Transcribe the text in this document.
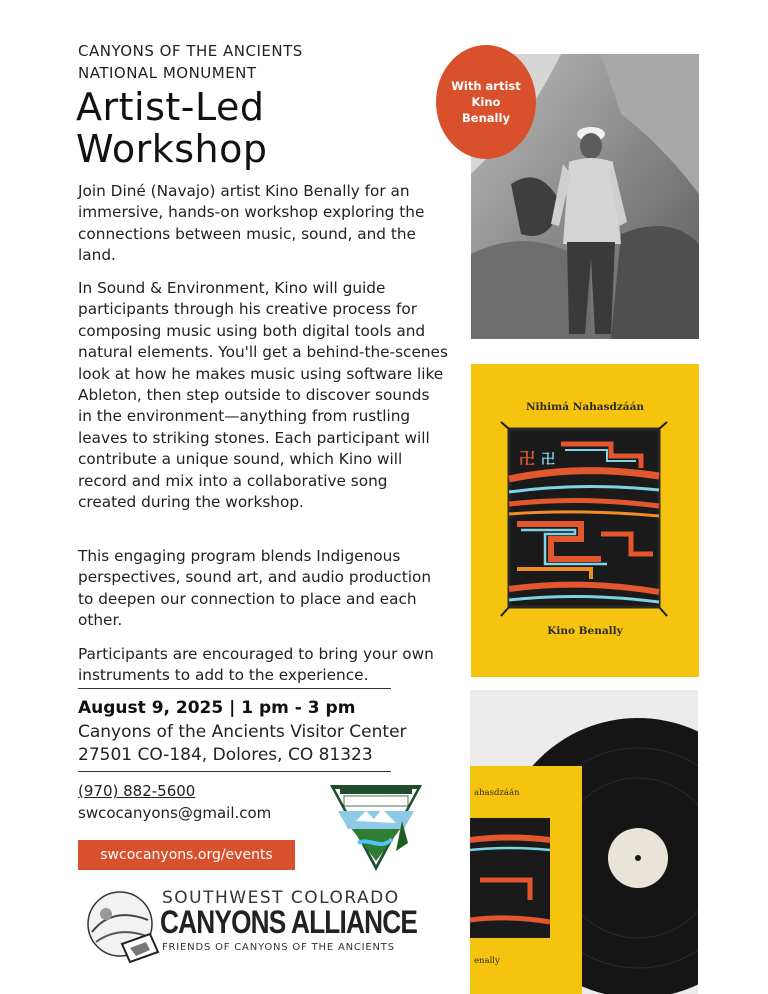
CANYONS OF THE ANCIENTS
NATIONAL MONUMENT
Artist-Led
Workshop
Join Diné (Navajo) artist Kino Benally for an immersive, hands-on workshop exploring the connections between music, sound, and the land.
In Sound & Environment, Kino will guide participants through his creative process for composing music using both digital tools and natural elements. You'll get a behind-the-scenes look at how he makes music using software like Ableton, then step outside to discover sounds in the environment—anything from rustling leaves to striking stones. Each participant will contribute a unique sound, which Kino will record and mix into a collaborative song created during the workshop.
This engaging program blends Indigenous perspectives, sound art, and audio production to deepen our connection to place and each other.
Participants are encouraged to bring your own instruments to add to the experience.
August 9, 2025 | 1 pm - 3 pm
Canyons of the Ancients Visitor Center
27501 CO-184, Dolores, CO 81323
(970) 882-5600
swcocanyons@gmail.com
swcocanyons.org/events
SOUTHWEST COLORADO
CANYONS ALLIANCE
FRIENDS OF CANYONS OF THE ANCIENTS
With artist
Kino
Benally
卍 卍
Nihimá Nahasdzáán
Kino Benally
ahasdzáán
enally
